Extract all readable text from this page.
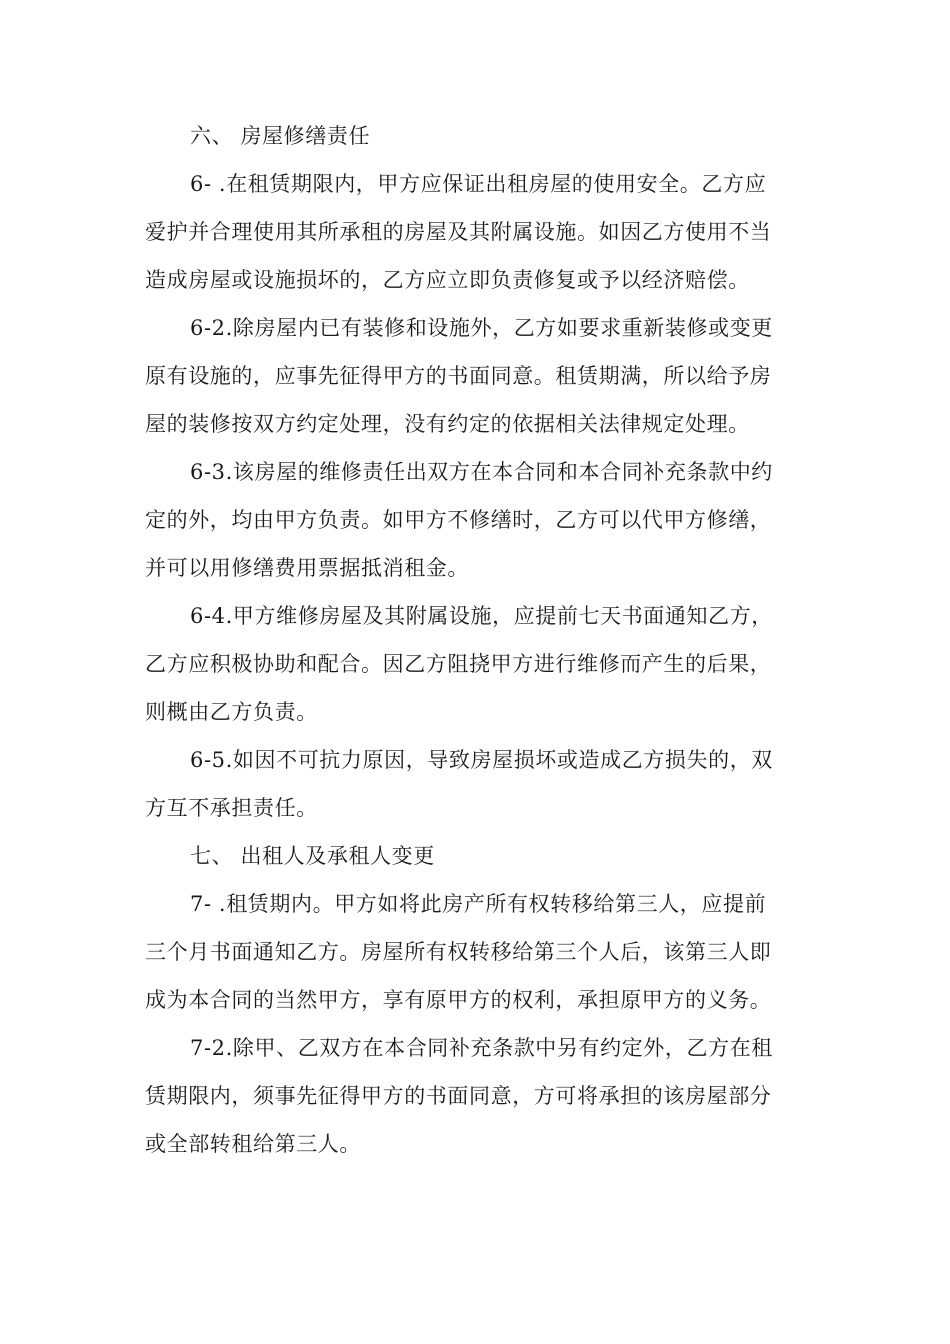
六、 房屋修缮责任
6- .在租赁期限内，甲方应保证出租房屋的使用安全。乙方应
爱护并合理使用其所承租的房屋及其附属设施。如因乙方使用不当
造成房屋或设施损坏的，乙方应立即负责修复或予以经济赔偿。
6-2.除房屋内已有装修和设施外，乙方如要求重新装修或变更
原有设施的，应事先征得甲方的书面同意。租赁期满，所以给予房
屋的装修按双方约定处理，没有约定的依据相关法律规定处理。
6-3.该房屋的维修责任出双方在本合同和本合同补充条款中约
定的外，均由甲方负责。如甲方不修缮时，乙方可以代甲方修缮，
并可以用修缮费用票据抵消租金。
6-4.甲方维修房屋及其附属设施，应提前七天书面通知乙方，
乙方应积极协助和配合。因乙方阻挠甲方进行维修而产生的后果，
则概由乙方负责。
6-5.如因不可抗力原因，导致房屋损坏或造成乙方损失的，双
方互不承担责任。
七、 出租人及承租人变更
7- .租赁期内。甲方如将此房产所有权转移给第三人，应提前
三个月书面通知乙方。房屋所有权转移给第三个人后，该第三人即
成为本合同的当然甲方，享有原甲方的权利，承担原甲方的义务。
7-2.除甲、乙双方在本合同补充条款中另有约定外，乙方在租
赁期限内，须事先征得甲方的书面同意，方可将承担的该房屋部分
或全部转租给第三人。
